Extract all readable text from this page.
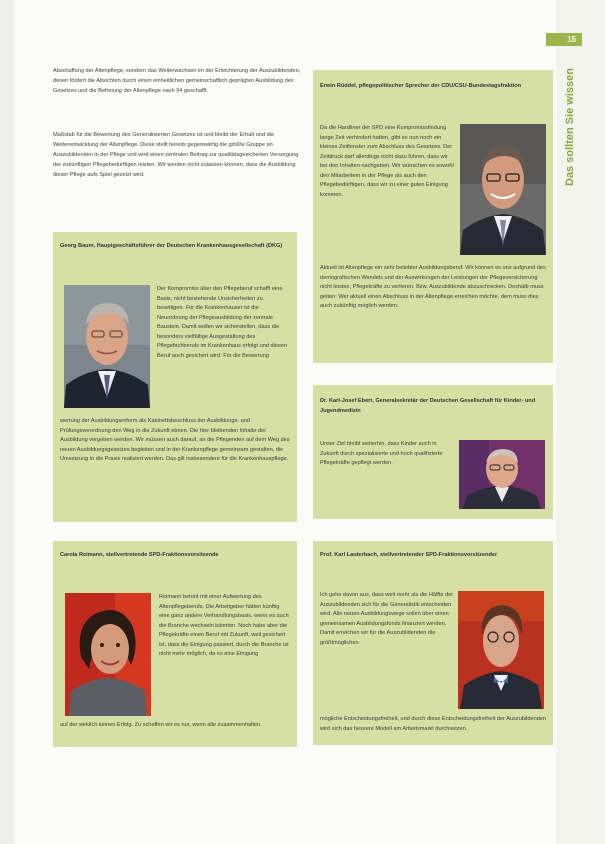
15
Das sollten Sie wissen

Abschaffung der Altenpflege, sondern das Weiterwachsen im der Erleichterung der Auszubildenden, dieser fördert die Absichten durch einen einheitlichen gemeinschaftlich geprägten Ausbildung des Gesetzes und die Befreiung der Altenpflege nach §4 geschafft.

Maßstab für die Bewertung des Generalisierten Gesetzes ist und bleibt der Erhalt und die Weiterentwicklung der Altenpflege. Diese stellt bereits gegenwärtig die größte Gruppe an Auszubildenden in der Pflege und wird einen zentralen Beitrag zur qualitätsgesicherten Versorgung der zukünftigen Pflegebedürftigen leisten. Wir werden nicht zulassen können, dass die Ausbildung dieser Pflege aufs Spiel gesetzt wird.

Georg Baum, Hauptgeschäftsführer der Deutschen Krankenhausgesellschaft (DKG)

Der Kompromiss über den Pflegeberuf schafft eine Basis, nicht bestehende Unsicherheiten zu beseitigen. Für die Krankenhäuser ist die Neuordnung der Pflegeausbildung der zentrale Baustein. Damit wollen wir sicherstellen, dass die besonders vielfältige Ausgestaltung des Pflegefachberufs im Krankenhaus erfolgt und diesen Beruf auch gesichert wird. Für die Bewertung

wertung der Ausbildungsreform als Kabinettsbeschluss der Ausbildungs- und Prüfungsverordnung den Weg in die Zukunft ebnen. Die hier bleibenden Inhalte der Ausbildung vergeben werden. Wir müssen auch darauf, an die Pflegenden auf dem Weg des neuen Ausbildungsgesetzes begleiten und in der Krankenpflege gemeinsam gestalten, die Umsetzung in die Praxis realisiert werden. Das gilt insbesondere für die Krankenhauspflege.

Erwin Rüddel, pflegepolitischer Sprecher der CDU/CSU-Bundestagsfraktion

Da die Hardliner der SPD eine Kompromissfindung lange Zeit verhindert hatten, gibt es nun noch ein kleines Zeitfenster zum Abschluss des Gesetzes. Der Zeitdruck darf allerdings nicht dazu führen, dass wir bei den Inhalten nachgeben. Wir wünschen es sowohl den Mitarbeitern in der Pflege als auch den Pflegebedürftigen, dass wir zu einer guten Einigung kommen.

Aktuell ist Altenpflege ein sehr beliebter Ausbildungsberuf. Wir können es uns aufgrund des demografischen Wandels und der Auswirkungen der Leistungen der Pflegeversicherung nicht leisten, Pflegekräfte zu verlieren. Bzw. Auszubildende abzuschrecken. Deshalb muss gelten: Wer aktuell einen Abschluss in der Altenpflege erreichen möchte, dem muss dies auch zukünftig möglich werden.

Dr. Karl-Josef Ebert, Generalsekretär der Deutschen Gesellschaft für Kinder- und Jugendmedizin

Unser Ziel bleibt weiterhin, dass Kinder auch in Zukunft durch spezialisierte und hoch qualifizierte Pflegekräfte gepflegt werden.

Carola Reimann, stellvertretende SPD-Fraktionsvorsitzende

Reimann betont mit einer Aufwertung des Altenpflegeberufs. Die Arbeitgeber hätten künftig eine ganz andere Verhandlungsbasis, wenn es auch die Branche wechseln könnten. Noch habe aber die Pflegekräfte einen Beruf mit Zukunft, weil gesichert ist, dass die Einigung passiert, durch die Branche ist nicht mehr möglich, da es eine Einigung

auf der wirklich keinen Erfolg. Zu schaffen wir es nur, wenn alle zusammenhalten.

Prof. Karl Lauterbach, stellvertretender SPD-Fraktionsvorsitzender

Ich gehe davon aus, dass weit mehr als die Hälfte der Auszubildenden sich für die Generalistik entscheiden wird. Alle neuen Ausbildungswege sollen über einen gemeinsamen Ausbildungsfonds finanziert werden. Damit erreichen wir für die Auszubildenden die größtmöglichen

mögliche Entscheidungsfreiheit, und durch diese Entscheidungsfreiheit der Auszubildenden wird sich das bessere Modell am Arbeitsmarkt durchsetzen.
